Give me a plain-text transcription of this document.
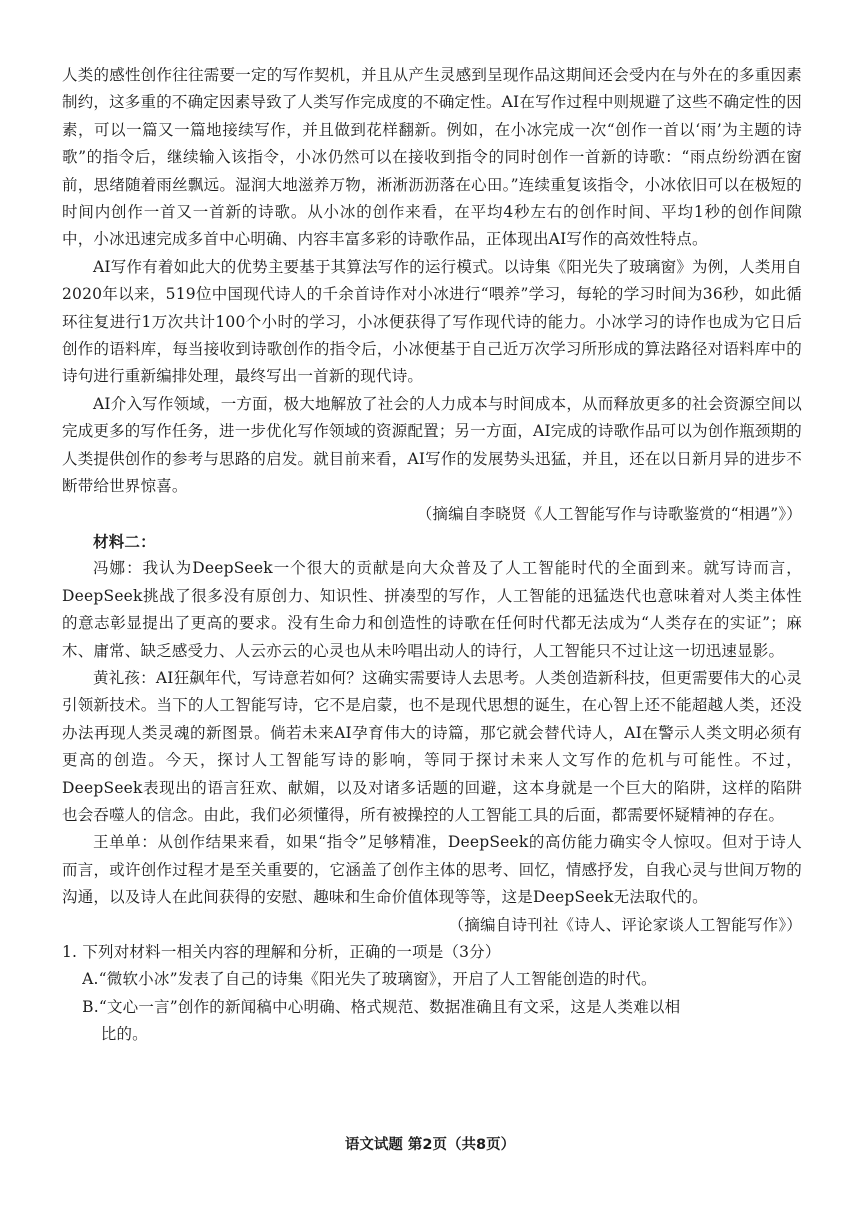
人类的感性创作往往需要一定的写作契机，并且从产生灵感到呈现作品这期间还会受内在与外在的多重因素制约，这多重的不确定因素导致了人类写作完成度的不确定性。AI在写作过程中则规避了这些不确定性的因素，可以一篇又一篇地接续写作，并且做到花样翻新。例如，在小冰完成一次“创作一首以‘雨’为主题的诗歌”的指令后，继续输入该指令，小冰仍然可以在接收到指令的同时创作一首新的诗歌：“雨点纷纷洒在窗前，思绪随着雨丝飘远。湿润大地滋养万物，淅淅沥沥落在心田。”连续重复该指令，小冰依旧可以在极短的时间内创作一首又一首新的诗歌。从小冰的创作来看，在平均4秒左右的创作时间、平均1秒的创作间隙中，小冰迅速完成多首中心明确、内容丰富多彩的诗歌作品，正体现出AI写作的高效性特点。

AI写作有着如此大的优势主要基于其算法写作的运行模式。以诗集《阳光失了玻璃窗》为例，人类用自2020年以来，519位中国现代诗人的千余首诗作对小冰进行“喂养”学习，每轮的学习时间为36秒，如此循环往复进行1万次共计100个小时的学习，小冰便获得了写作现代诗的能力。小冰学习的诗作也成为它日后创作的语料库，每当接收到诗歌创作的指令后，小冰便基于自己近万次学习所形成的算法路径对语料库中的诗句进行重新编排处理，最终写出一首新的现代诗。

AI介入写作领域，一方面，极大地解放了社会的人力成本与时间成本，从而释放更多的社会资源空间以完成更多的写作任务，进一步优化写作领域的资源配置；另一方面，AI完成的诗歌作品可以为创作瓶颈期的人类提供创作的参考与思路的启发。就目前来看，AI写作的发展势头迅猛，并且，还在以日新月异的进步不断带给世界惊喜。

（摘编自李晓贤《人工智能写作与诗歌鉴赏的“相遇”》）

材料二：

冯娜：我认为DeepSeek一个很大的贡献是向大众普及了人工智能时代的全面到来。就写诗而言，DeepSeek挑战了很多没有原创力、知识性、拼凑型的写作，人工智能的迅猛迭代也意味着对人类主体性的意志彰显提出了更高的要求。没有生命力和创造性的诗歌在任何时代都无法成为“人类存在的实证”；麻木、庸常、缺乏感受力、人云亦云的心灵也从未吟唱出动人的诗行，人工智能只不过让这一切迅速显影。

黄礼孩：AI狂飙年代，写诗意若如何？这确实需要诗人去思考。人类创造新科技，但更需要伟大的心灵引领新技术。当下的人工智能写诗，它不是启蒙，也不是现代思想的诞生，在心智上还不能超越人类，还没办法再现人类灵魂的新图景。倘若未来AI孕育伟大的诗篇，那它就会替代诗人，AI在警示人类文明必须有更高的创造。今天，探讨人工智能写诗的影响，等同于探讨未来人文写作的危机与可能性。不过，DeepSeek表现出的语言狂欢、献媚，以及对诸多话题的回避，这本身就是一个巨大的陷阱，这样的陷阱也会吞噬人的信念。由此，我们必须懂得，所有被操控的人工智能工具的后面，都需要怀疑精神的存在。

王单单：从创作结果来看，如果“指令”足够精准，DeepSeek的高仿能力确实令人惊叹。但对于诗人而言，或许创作过程才是至关重要的，它涵盖了创作主体的思考、回忆，情感抒发，自我心灵与世间万物的沟通，以及诗人在此间获得的安慰、趣味和生命价值体现等等，这是DeepSeek无法取代的。

（摘编自诗刊社《诗人、评论家谈人工智能写作》）

1. 下列对材料一相关内容的理解和分析，正确的一项是（3分）

A.“微软小冰”发表了自己的诗集《阳光失了玻璃窗》，开启了人工智能创造的时代。

B.“文心一言”创作的新闻稿中心明确、格式规范、数据准确且有文采，这是人类难以相

比的。

语文试题 第2页（共8页）
